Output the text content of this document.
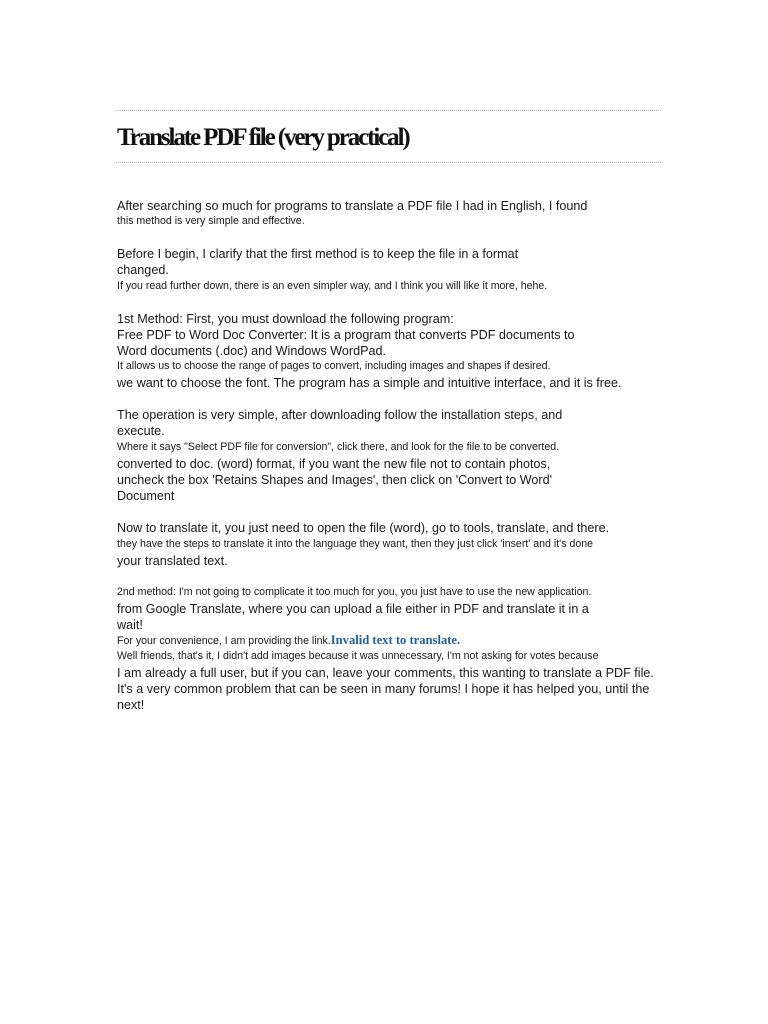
Translate PDF file (very practical)

After searching so much for programs to translate a PDF file I had in English, I found

this method is very simple and effective.

Before I begin, I clarify that the first method is to keep the file in a format

changed.

If you read further down, there is an even simpler way, and I think you will like it more, hehe.

1st Method: First, you must download the following program:

Free PDF to Word Doc Converter: It is a program that converts PDF documents to

Word documents (.doc) and Windows WordPad.

It allows us to choose the range of pages to convert, including images and shapes if desired.

we want to choose the font. The program has a simple and intuitive interface, and it is free.

The operation is very simple, after downloading follow the installation steps, and

execute.

Where it says "Select PDF file for conversion", click there, and look for the file to be converted.

converted to doc. (word) format, if you want the new file not to contain photos,

uncheck the box 'Retains Shapes and Images', then click on 'Convert to Word'

Document

Now to translate it, you just need to open the file (word), go to tools, translate, and there.

they have the steps to translate it into the language they want, then they just click 'insert' and it's done

your translated text.

2nd method: I'm not going to complicate it too much for you, you just have to use the new application.

from Google Translate, where you can upload a file either in PDF and translate it in a

wait!

For your convenience, I am providing the link.Invalid text to translate.

Well friends, that's it, I didn't add images because it was unnecessary, I'm not asking for votes because

I am already a full user, but if you can, leave your comments, this wanting to translate a PDF file.

It's a very common problem that can be seen in many forums! I hope it has helped you, until the

next!
